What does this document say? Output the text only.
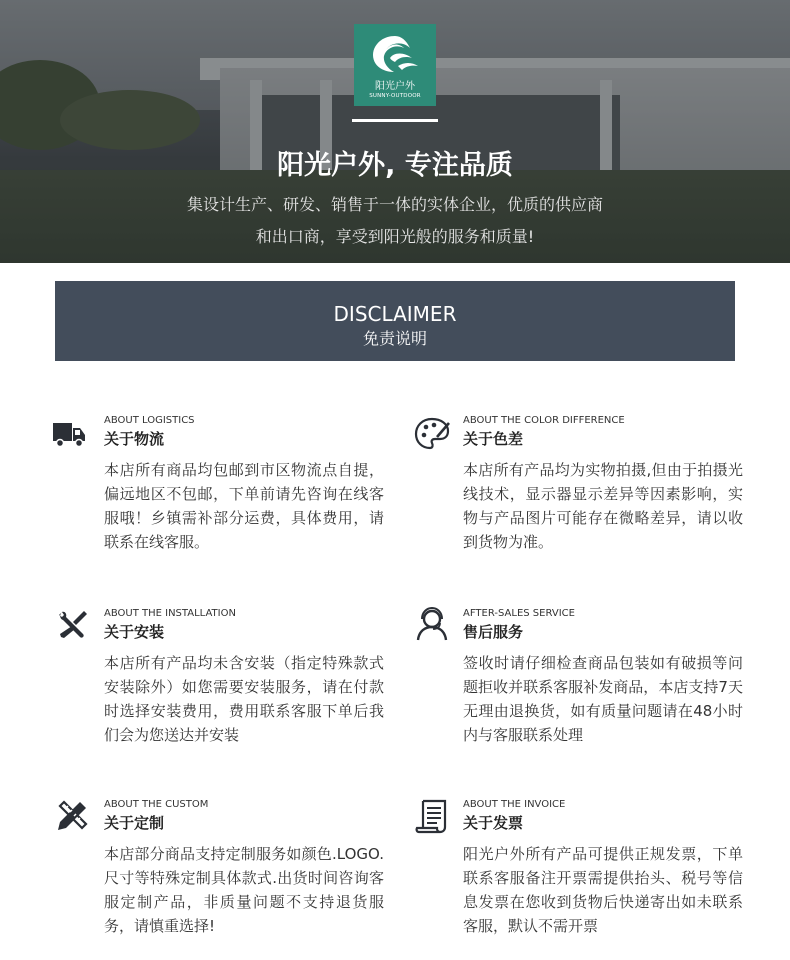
阳光户外
SUNNY-OUTDOOR
阳光户外, 专注品质
集设计生产、研发、销售于一体的实体企业，优质的供应商
和出口商，享受到阳光般的服务和质量!
DISCLAIMER
免责说明
ABOUT LOGISTICS
关于物流
本店所有商品均包邮到市区物流点自提，偏远地区不包邮，下单前请先咨询在线客服哦！乡镇需补部分运费，具体费用，请联系在线客服。
ABOUT THE COLOR DIFFERENCE
关于色差
本店所有产品均为实物拍摄,但由于拍摄光线技术，显示器显示差异等因素影响，实物与产品图片可能存在微略差异，请以收到货物为准。
ABOUT THE INSTALLATION
关于安装
本店所有产品均未含安装（指定特殊款式安装除外）如您需要安装服务，请在付款时选择安装费用，费用联系客服下单后我们会为您送达并安装
AFTER-SALES SERVICE
售后服务
签收时请仔细检查商品包装如有破损等问题拒收并联系客服补发商品，本店支持7天无理由退换货，如有质量问题请在48小时内与客服联系处理
ABOUT THE CUSTOM
关于定制
本店部分商品支持定制服务如颜色.LOGO.尺寸等特殊定制具体款式.出货时间咨询客服定制产品，非质量问题不支持退货服务，请慎重选择!
ABOUT THE INVOICE
关于发票
阳光户外所有产品可提供正规发票，下单联系客服备注开票需提供抬头、税号等信息发票在您收到货物后快递寄出如未联系客服，默认不需开票
